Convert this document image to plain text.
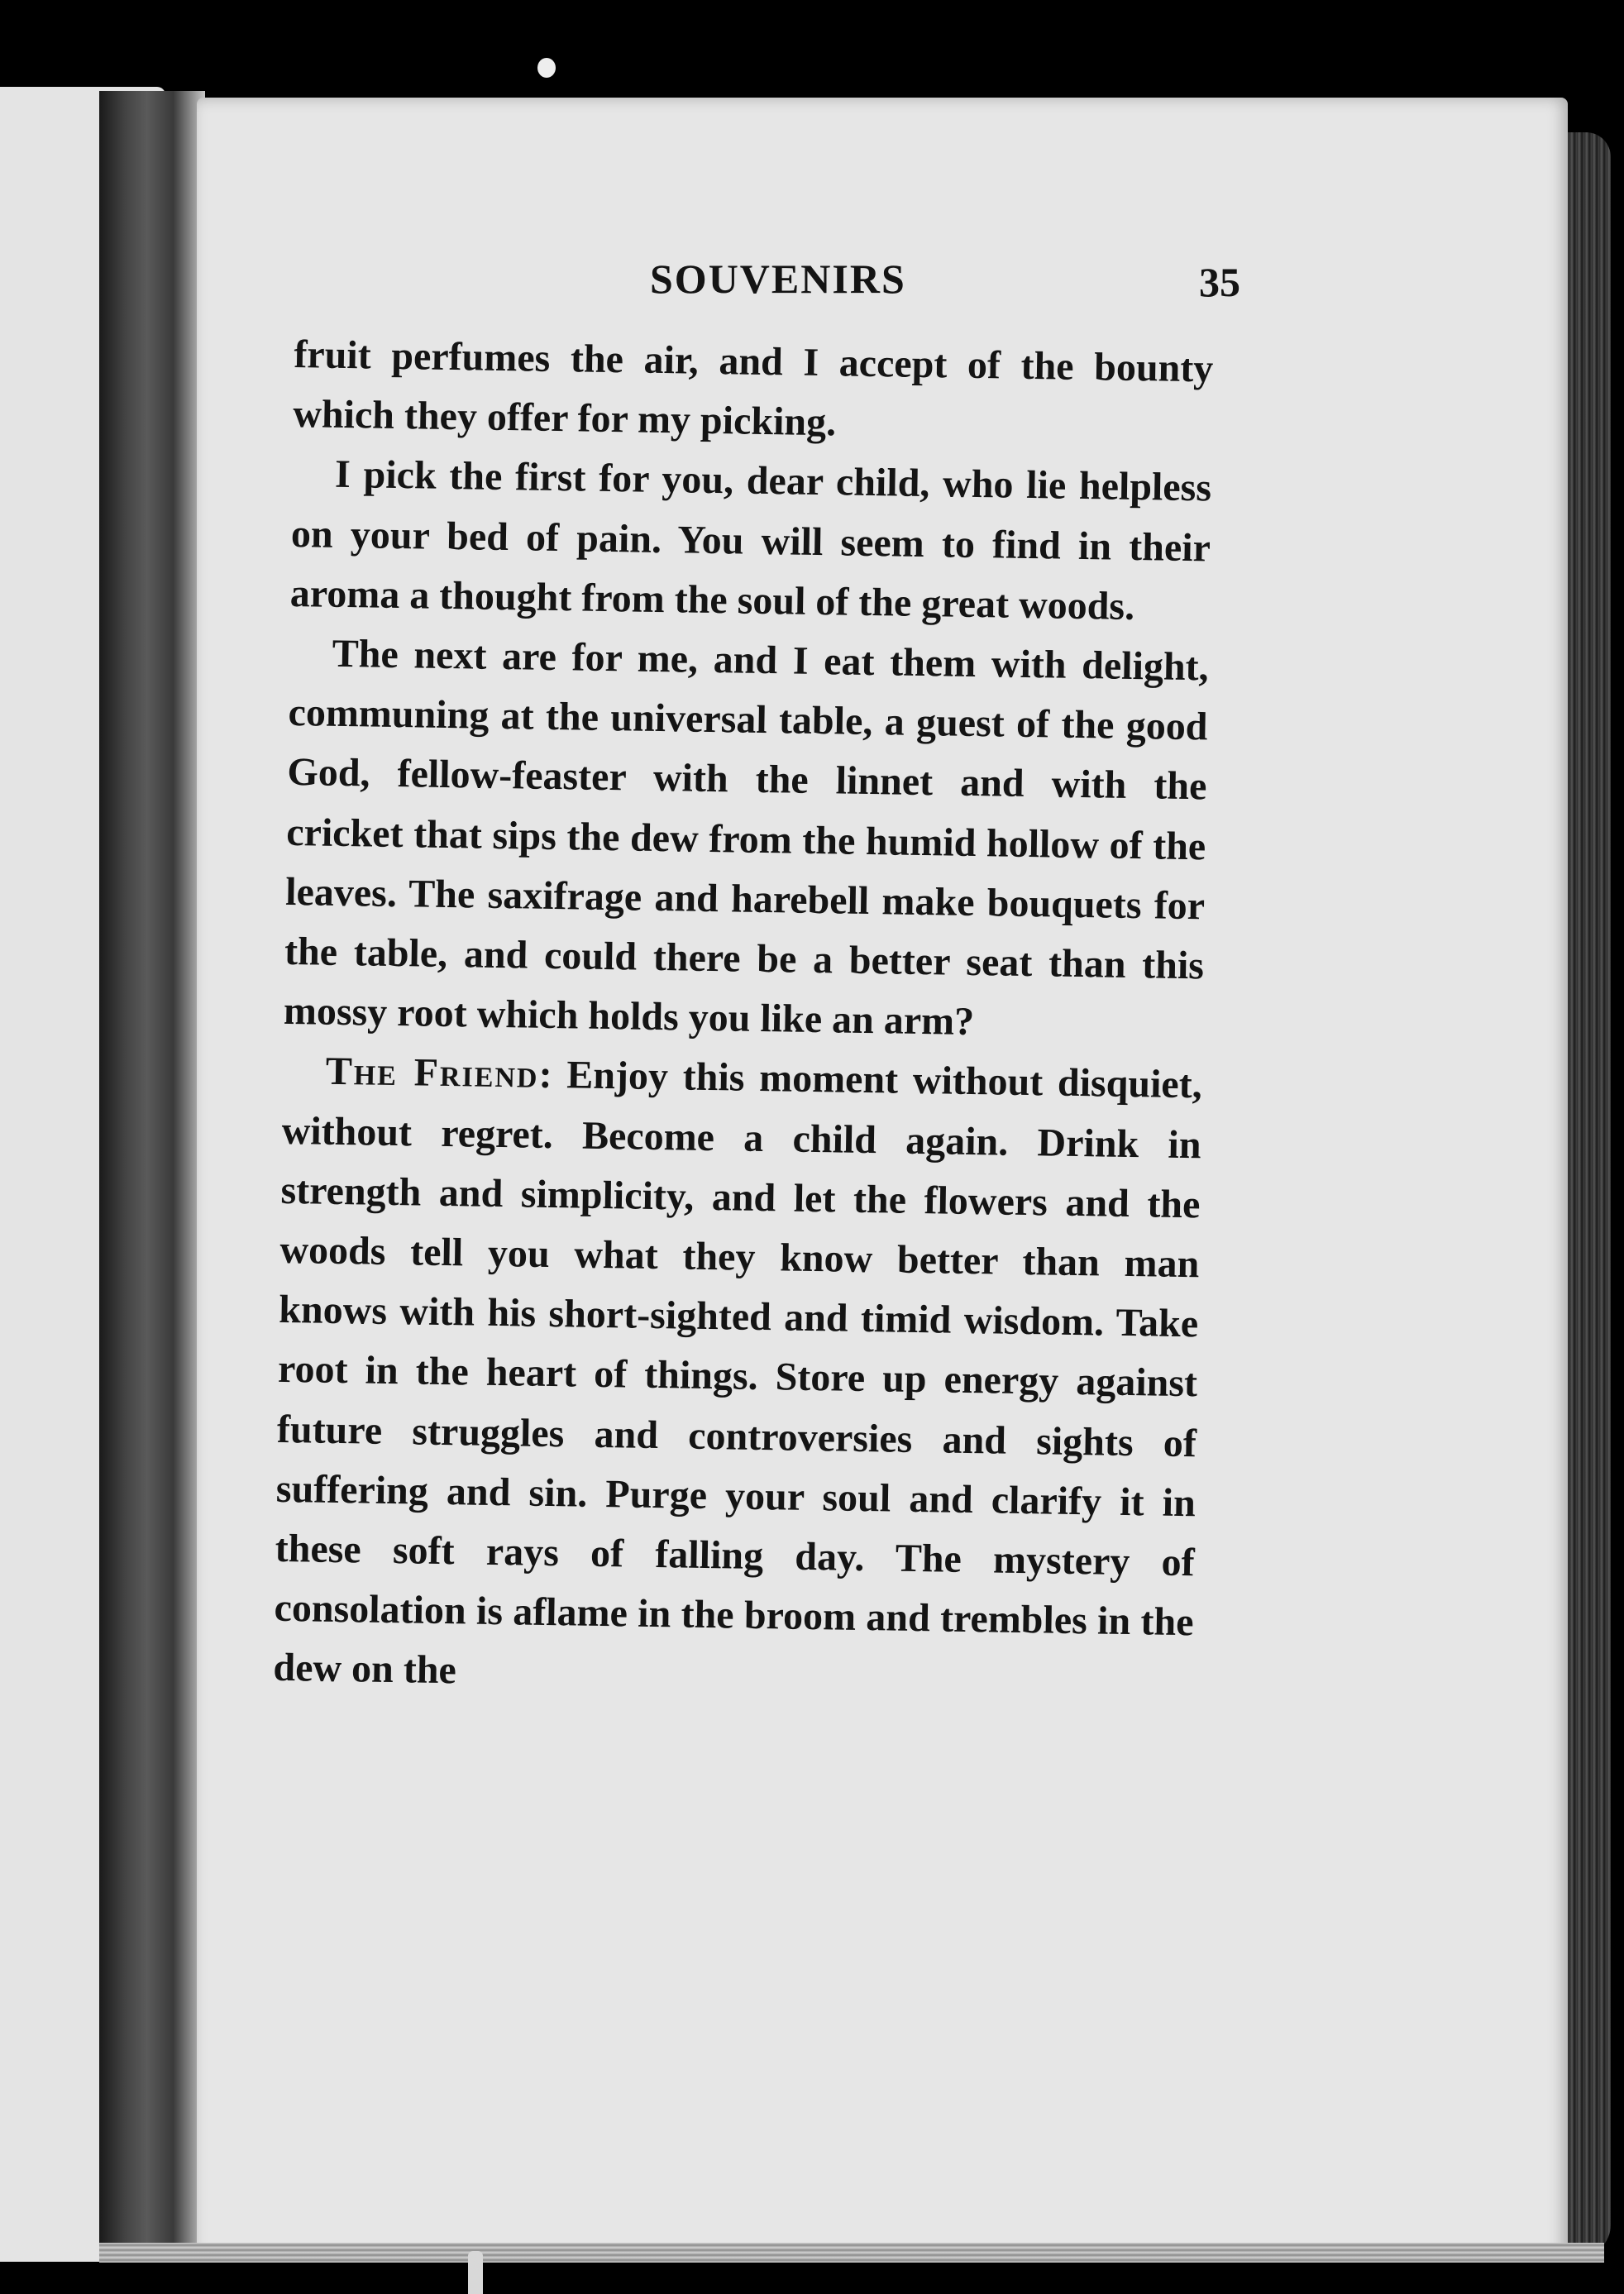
SOUVENIRS	35

fruit perfumes the air, and I accept of the bounty which they offer for my picking.

I pick the first for you, dear child, who lie helpless on your bed of pain. You will seem to find in their aroma a thought from the soul of the great woods.

The next are for me, and I eat them with delight, communing at the universal table, a guest of the good God, fellow-feaster with the linnet and with the cricket that sips the dew from the humid hollow of the leaves. The saxifrage and harebell make bouquets for the table, and could there be a better seat than this mossy root which holds you like an arm?

The Friend: Enjoy this moment without disquiet, without regret. Become a child again. Drink in strength and simplicity, and let the flowers and the woods tell you what they know better than man knows with his short-sighted and timid wisdom. Take root in the heart of things. Store up energy against future struggles and controversies and sights of suffering and sin. Purge your soul and clarify it in these soft rays of falling day. The mystery of consolation is aflame in the broom and trembles in the dew on the
